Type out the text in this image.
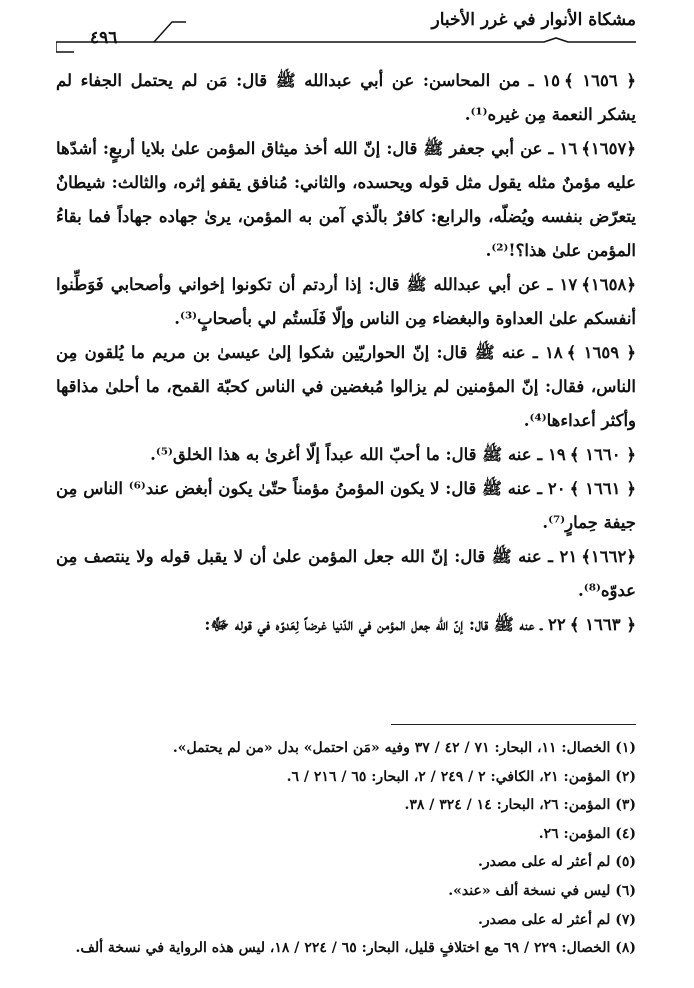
مشكاة الأنوار في غرر الأخبار
٤٩٦

﴿ ١٦٥٦ ﴾١٥ ـ من المحاسن: عن أبي عبدالله ﷺ قال: مَن لم يحتمل الجفاء لم يشكر النعمة مِن غيره⁽¹⁾.

﴿١٦٥٧﴾١٦ ـ عن أبي جعفر ﷺ قال: إنّ الله أخذ ميثاق المؤمن علىٰ بلايا أربعٍ: أشدّها عليه مؤمنٌ مثله يقول مثل قوله ويحسده، والثاني: مُنافق يقفو إثره، والثالث: شيطانٌ يتعرّض بنفسه ويُضلّه، والرابع: كافرٌ بالّذي آمن به المؤمن، يرىٰ جهاده جهاداً فما بقاءُ المؤمن علىٰ هذا؟!⁽²⁾.

﴿١٦٥٨﴾١٧ ـ عن أبي عبدالله ﷺ قال: إذا أردتم أن تكونوا إخواني وأصحابي فَوَطِّنوا أنفسكم علىٰ العداوة والبغضاء مِن الناس وإلّا فَلَستُم لي بأصحابٍ⁽³⁾.

﴿ ١٦٥٩ ﴾١٨ ـ عنه ﷺ قال: إنّ الحواريّين شكوا إلىٰ عيسىٰ بن مريم ما يُلقون مِن الناس، فقال: إنّ المؤمنين لم يزالوا مُبغضين في الناس كحبّة القمح، ما أحلىٰ مذاقها وأكثر أعداءها⁽⁴⁾.

﴿ ١٦٦٠ ﴾١٩ ـ عنه ﷺ قال: ما أحبّ الله عبداً إلّا أغرىٰ به هذا الخلق⁽⁵⁾.

﴿ ١٦٦١ ﴾٢٠ ـ عنه ﷺ قال: لا يكون المؤمنُ مؤمناً حتّىٰ يكون أبغض عند⁽⁶⁾ الناس مِن جيفة حِمارٍ⁽⁷⁾.

﴿١٦٦٢﴾٢١ ـ عنه ﷺ قال: إنّ الله جعل المؤمن علىٰ أن لا يقبل قوله ولا ينتصف مِن عدوّه⁽⁸⁾.

﴿ ١٦٦٣ ﴾٢٢ ـ عنه ﷺ قال: إنّ الله جعل المؤمن في الدّنيا غرضاً لِعَدوّه في قوله ﷻ:

(١) الخصال: ١١، البحار: ٧١ / ٤٢ / ٣٧ وفيه «مَن احتمل» بدل «من لم يحتمل».
(٢) المؤمن: ٢١، الكافي: ٢ / ٢٤٩ / ٢، البحار: ٦٥ / ٢١٦ / ٦.
(٣) المؤمن: ٢٦، البحار: ١٤ / ٣٢٤ / ٣٨.
(٤) المؤمن: ٢٦.
(٥) لم أعثر له على مصدر.
(٦) ليس في نسخة ألف «عند».
(٧) لم أعثر له على مصدر.
(٨) الخصال: ٢٢٩ / ٦٩ مع اختلافٍ قليل، البحار: ٦٥ / ٢٢٤ / ١٨، ليس هذه الرواية في نسخة ألف.
